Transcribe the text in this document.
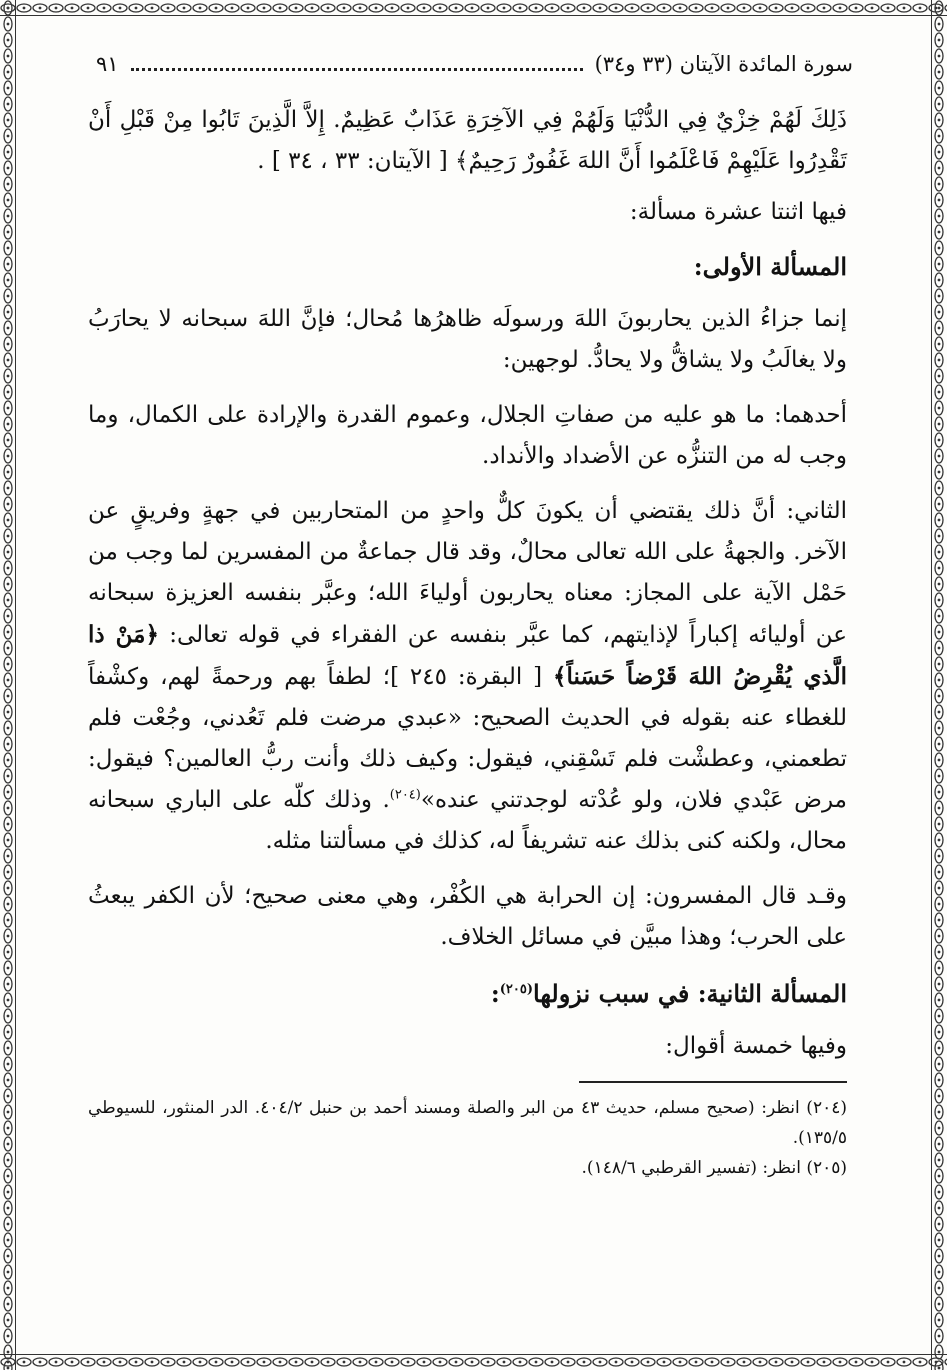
سورة المائدة الآيتان (٣٣ و٣٤)
٩١

ذَلِكَ لَهُمْ خِزْيٌ فِي الدُّنْيَا وَلَهُمْ فِي الآخِرَةِ عَذَابٌ عَظِيمٌ. إِلاَّ الَّذِينَ تَابُوا مِنْ قَبْلِ أَنْ تَقْدِرُوا عَلَيْهِمْ فَاعْلَمُوا أَنَّ اللهَ غَفُورٌ رَحِيمٌ﴾ [ الآيتان: ٣٣ ، ٣٤ ] .

فيها اثنتا عشرة مسألة:

المسألة الأولى:

إنما جزاءُ الذين يحاربونَ اللهَ ورسولَه ظاهرُها مُحال؛ فإنَّ اللهَ سبحانه لا يحارَبُ ولا يغالَبُ ولا يشاقُّ ولا يحادُّ. لوجهين:

أحدهما: ما هو عليه من صفاتِ الجلال، وعموم القدرة والإرادة على الكمال، وما وجب له من التنزُّه عن الأضداد والأنداد.

الثاني: أنَّ ذلك يقتضي أن يكونَ كلٌّ واحدٍ من المتحاربين في جهةٍ وفريقٍ عن الآخر. والجهةُ على الله تعالى محالٌ، وقد قال جماعةٌ من المفسرين لما وجب من حَمْل الآية على المجاز: معناه يحاربون أولياءَ الله؛ وعبَّر بنفسه العزيزة سبحانه عن أوليائه إكباراً لإذايتهم، كما عبَّر بنفسه عن الفقراء في قوله تعالى: ﴿مَنْ ذا الَّذي يُقْرِضُ اللهَ قَرْضاً حَسَناً﴾ [ البقرة: ٢٤٥ ]؛ لطفاً بهم ورحمةً لهم، وكشْفاً للغطاء عنه بقوله في الحديث الصحيح: «عبدي مرضت فلم تَعُدني، وجُعْت فلم تطعمني، وعطشْت فلم تَسْقِني، فيقول: وكيف ذلك وأنت ربُّ العالمين؟ فيقول: مرض عَبْدي فلان، ولو عُدْته لوجدتني عنده»$^{(٢٠٤)}$. وذلك كلّه على الباري سبحانه محال، ولكنه كنى بذلك عنه تشريفاً له، كذلك في مسألتنا مثله.

وقـد قال المفسرون: إن الحرابة هي الكُفْر، وهي معنى صحيح؛ لأن الكفر يبعثُ على الحرب؛ وهذا مبيَّن في مسائل الخلاف.

المسألة الثانية: في سبب نزولها$^{(٢٠٥)}$:

وفيها خمسة أقوال:

(٢٠٤) انظر: (صحيح مسلم، حديث ٤٣ من البر والصلة ومسند أحمد بن حنبل ٤٠٤/٢. الدر المنثور، للسيوطي ١٣٥/٥).

(٢٠٥) انظر: (تفسير القرطبي ١٤٨/٦).
